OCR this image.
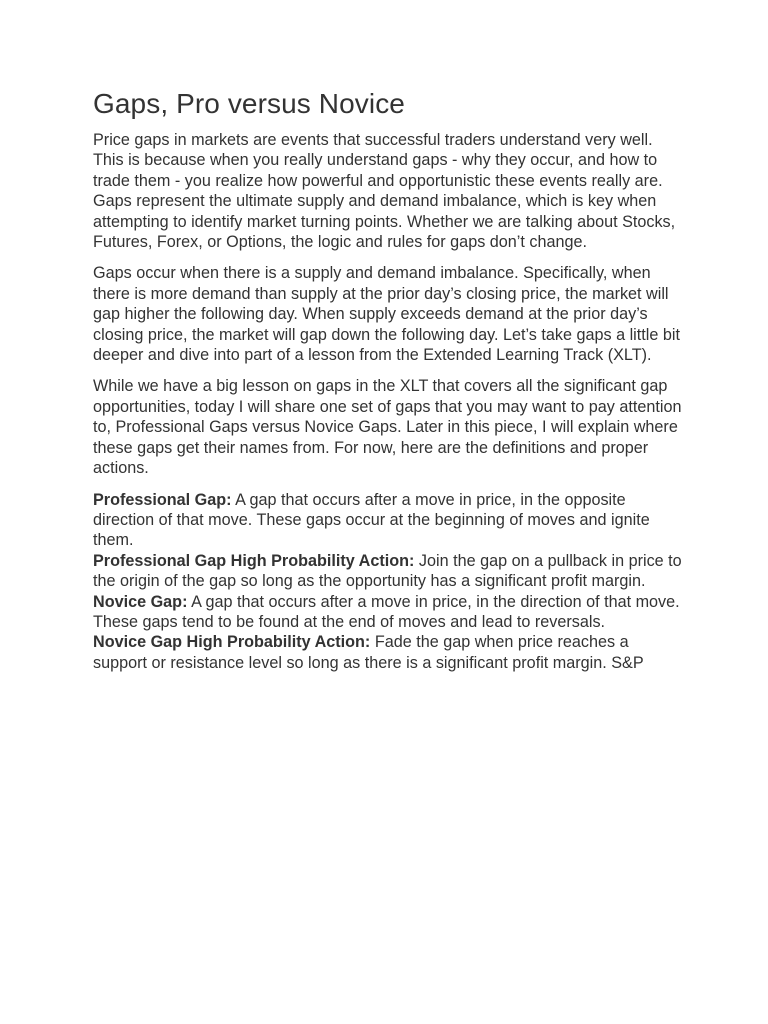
Gaps, Pro versus Novice

Price gaps in markets are events that successful traders understand very well. This is because when you really understand gaps - why they occur, and how to trade them - you realize how powerful and opportunistic these events really are. Gaps represent the ultimate supply and demand imbalance, which is key when attempting to identify market turning points. Whether we are talking about Stocks, Futures, Forex, or Options, the logic and rules for gaps don’t change.

Gaps occur when there is a supply and demand imbalance. Specifically, when there is more demand than supply at the prior day’s closing price, the market will gap higher the following day. When supply exceeds demand at the prior day’s closing price, the market will gap down the following day. Let’s take gaps a little bit deeper and dive into part of a lesson from the Extended Learning Track (XLT).

While we have a big lesson on gaps in the XLT that covers all the significant gap opportunities, today I will share one set of gaps that you may want to pay attention to, Professional Gaps versus Novice Gaps. Later in this piece, I will explain where these gaps get their names from. For now, here are the definitions and proper actions.

Professional Gap: A gap that occurs after a move in price, in the opposite direction of that move. These gaps occur at the beginning of moves and ignite them.

Professional Gap High Probability Action: Join the gap on a pullback in price to the origin of the gap so long as the opportunity has a significant profit margin.

Novice Gap: A gap that occurs after a move in price, in the direction of that move. These gaps tend to be found at the end of moves and lead to reversals.

Novice Gap High Probability Action: Fade the gap when price reaches a support or resistance level so long as there is a significant profit margin. S&P
